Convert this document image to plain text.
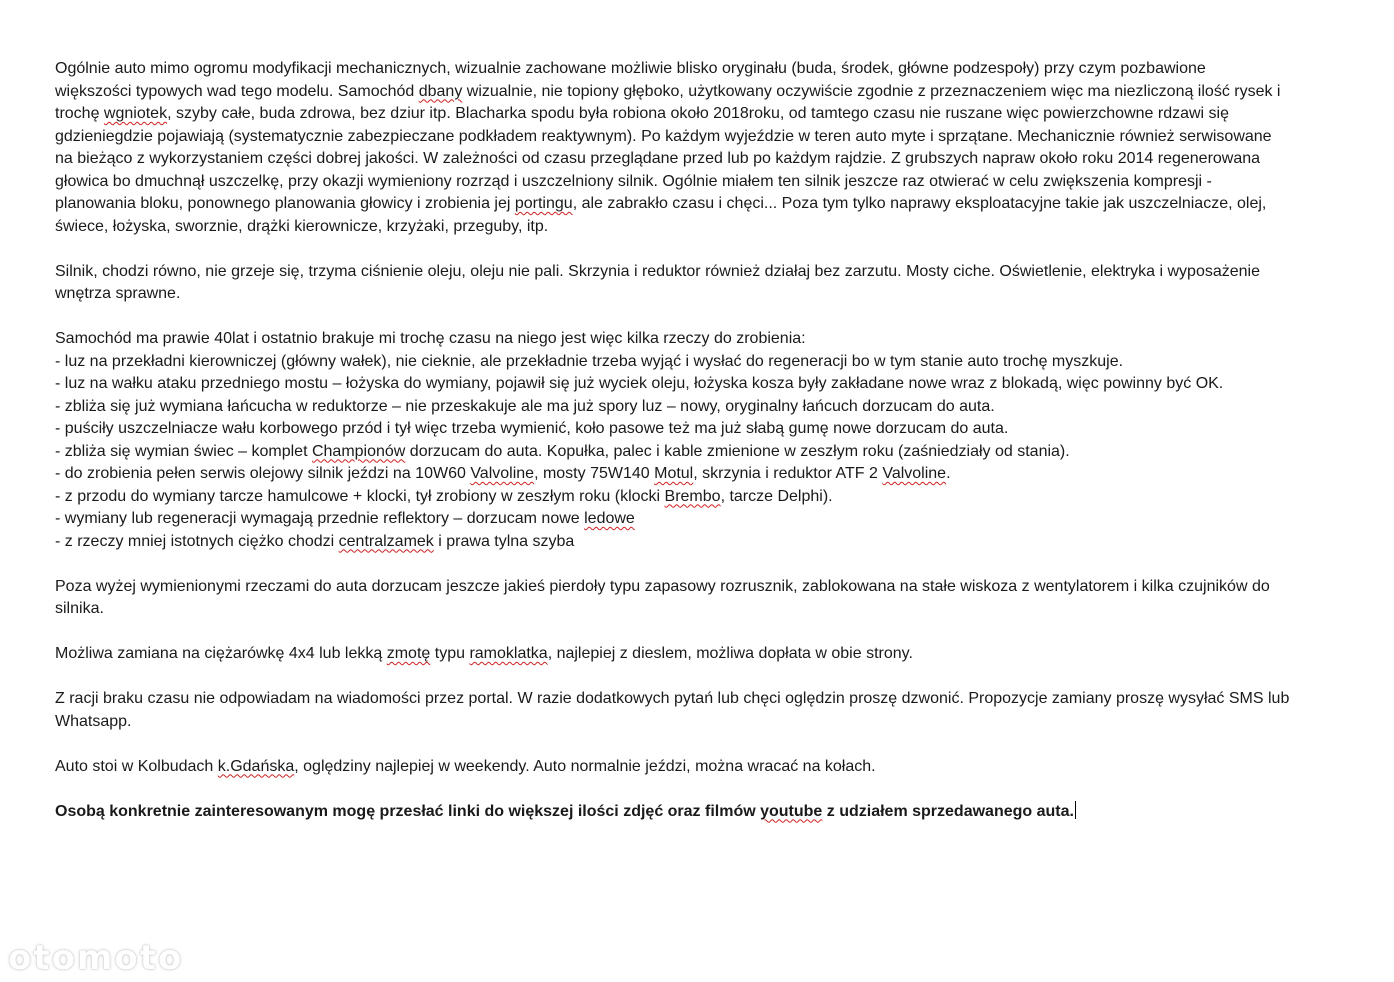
Ogólnie auto mimo ogromu modyfikacji mechanicznych, wizualnie zachowane możliwie blisko oryginału (buda, środek, główne podzespoły) przy czym pozbawione
większości typowych wad tego modelu. Samochód dbany wizualnie, nie topiony głęboko, użytkowany oczywiście zgodnie z przeznaczeniem więc ma niezliczoną ilość rysek i
trochę wgniotek, szyby całe, buda zdrowa, bez dziur itp. Blacharka spodu była robiona około 2018roku, od tamtego czasu nie ruszane więc powierzchowne rdzawi się
gdzieniegdzie pojawiają (systematycznie zabezpieczane podkładem reaktywnym). Po każdym wyjeździe w teren auto myte i sprzątane. Mechanicznie również serwisowane
na bieżąco z wykorzystaniem części dobrej jakości. W zależności od czasu przeglądane przed lub po każdym rajdzie. Z grubszych napraw około roku 2014 regenerowana
głowica bo dmuchnął uszczelkę, przy okazji wymieniony rozrząd i uszczelniony silnik. Ogólnie miałem ten silnik jeszcze raz otwierać w celu zwiększenia kompresji -
planowania bloku, ponownego planowania głowicy i zrobienia jej portingu, ale zabrakło czasu i chęci... Poza tym tylko naprawy eksploatacyjne takie jak uszczelniacze, olej,
świece, łożyska, sworznie, drążki kierownicze, krzyżaki, przeguby, itp.
Silnik, chodzi równo, nie grzeje się, trzyma ciśnienie oleju, oleju nie pali. Skrzynia i reduktor również działaj bez zarzutu. Mosty ciche. Oświetlenie, elektryka i wyposażenie
wnętrza sprawne.
Samochód ma prawie 40lat i ostatnio brakuje mi trochę czasu na niego jest więc kilka rzeczy do zrobienia:
- luz na przekładni kierowniczej (główny wałek), nie cieknie, ale przekładnie trzeba wyjąć i wysłać do regeneracji bo w tym stanie auto trochę myszkuje.
- luz na wałku ataku przedniego mostu – łożyska do wymiany, pojawił się już wyciek oleju, łożyska kosza były zakładane nowe wraz z blokadą, więc powinny być OK.
- zbliża się już wymiana łańcucha w reduktorze – nie przeskakuje ale ma już spory luz – nowy, oryginalny łańcuch dorzucam do auta.
- puściły uszczelniacze wału korbowego przód i tył więc trzeba wymienić, koło pasowe też ma już słabą gumę nowe dorzucam do auta.
- zbliża się wymian świec – komplet Championów dorzucam do auta. Kopułka, palec i kable zmienione w zeszłym roku (zaśniedziały od stania).
- do zrobienia pełen serwis olejowy silnik jeździ na 10W60 Valvoline, mosty 75W140 Motul, skrzynia i reduktor ATF 2 Valvoline.
- z przodu do wymiany tarcze hamulcowe + klocki, tył zrobiony w zeszłym roku (klocki Brembo, tarcze Delphi).
- wymiany lub regeneracji wymagają przednie reflektory – dorzucam nowe ledowe
- z rzeczy mniej istotnych ciężko chodzi centralzamek i prawa tylna szyba
Poza wyżej wymienionymi rzeczami do auta dorzucam jeszcze jakieś pierdoły typu zapasowy rozrusznik, zablokowana na stałe wiskoza z wentylatorem i kilka czujników do
silnika.
Możliwa zamiana na ciężarówkę 4x4 lub lekką zmotę typu ramoklatka, najlepiej z dieslem, możliwa dopłata w obie strony.
Z racji braku czasu nie odpowiadam na wiadomości przez portal. W razie dodatkowych pytań lub chęci oględzin proszę dzwonić. Propozycje zamiany proszę wysyłać SMS lub
Whatsapp.
Auto stoi w Kolbudach k.Gdańska, oględziny najlepiej w weekendy. Auto normalnie jeździ, można wracać na kołach.
Osobą konkretnie zainteresowanym mogę przesłać linki do większej ilości zdjęć oraz filmów youtube z udziałem sprzedawanego auta.
otomoto
